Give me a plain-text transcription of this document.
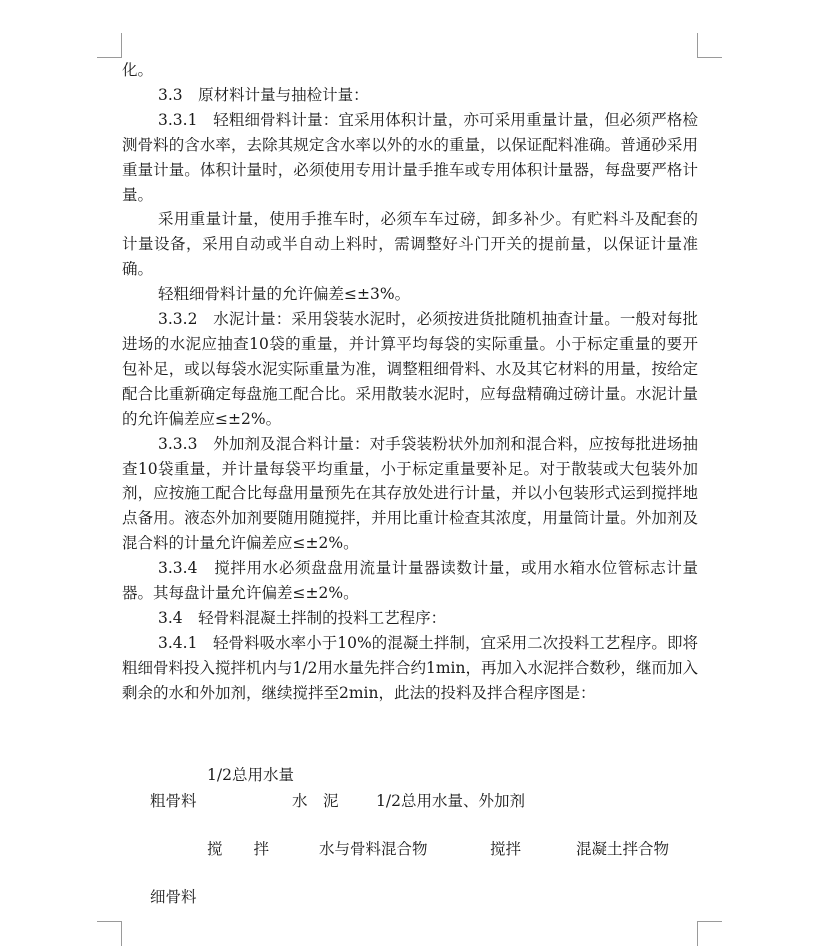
化。

3.3　原材料计量与抽检计量：

3.3.1　轻粗细骨料计量：宜采用体积计量，亦可采用重量计量，但必须严格检测骨料的含水率，去除其规定含水率以外的水的重量，以保证配料准确。普通砂采用重量计量。体积计量时，必须使用专用计量手推车或专用体积计量器，每盘要严格计量。

采用重量计量，使用手推车时，必须车车过磅，卸多补少。有贮料斗及配套的计量设备，采用自动或半自动上料时，需调整好斗门开关的提前量，以保证计量准确。

轻粗细骨料计量的允许偏差≤±3%。

3.3.2　水泥计量：采用袋装水泥时，必须按进货批随机抽查计量。一般对每批进场的水泥应抽查10袋的重量，并计算平均每袋的实际重量。小于标定重量的要开包补足，或以每袋水泥实际重量为准，调整粗细骨料、水及其它材料的用量，按给定配合比重新确定每盘施工配合比。采用散装水泥时，应每盘精确过磅计量。水泥计量的允许偏差应≤±2%。

3.3.3　外加剂及混合料计量：对手袋装粉状外加剂和混合料，应按每批进场抽查10袋重量，并计量每袋平均重量，小于标定重量要补足。对于散装或大包装外加剂，应按施工配合比每盘用量预先在其存放处进行计量，并以小包装形式运到搅拌地点备用。液态外加剂要随用随搅拌，并用比重计检查其浓度，用量筒计量。外加剂及混合料的计量允许偏差应≤±2%。

3.3.4　搅拌用水必须盘盘用流量计量器读数计量，或用水箱水位管标志计量器。其每盘计量允许偏差≤±2%。

3.4　轻骨料混凝土拌制的投料工艺程序：

3.4.1　轻骨料吸水率小于10%的混凝土拌制，宜采用二次投料工艺程序。即将粗细骨料投入搅拌机内与1/2用水量先拌合约1min，再加入水泥拌合数秒，继而加入剩余的水和外加剂，继续搅拌至2min，此法的投料及拌合程序图是：

1/2总用水量
粗骨料	水　泥 1/2总用水量、外加剂
搅　　拌	水与骨料混合物	搅拌	混凝土拌合物
细骨料
